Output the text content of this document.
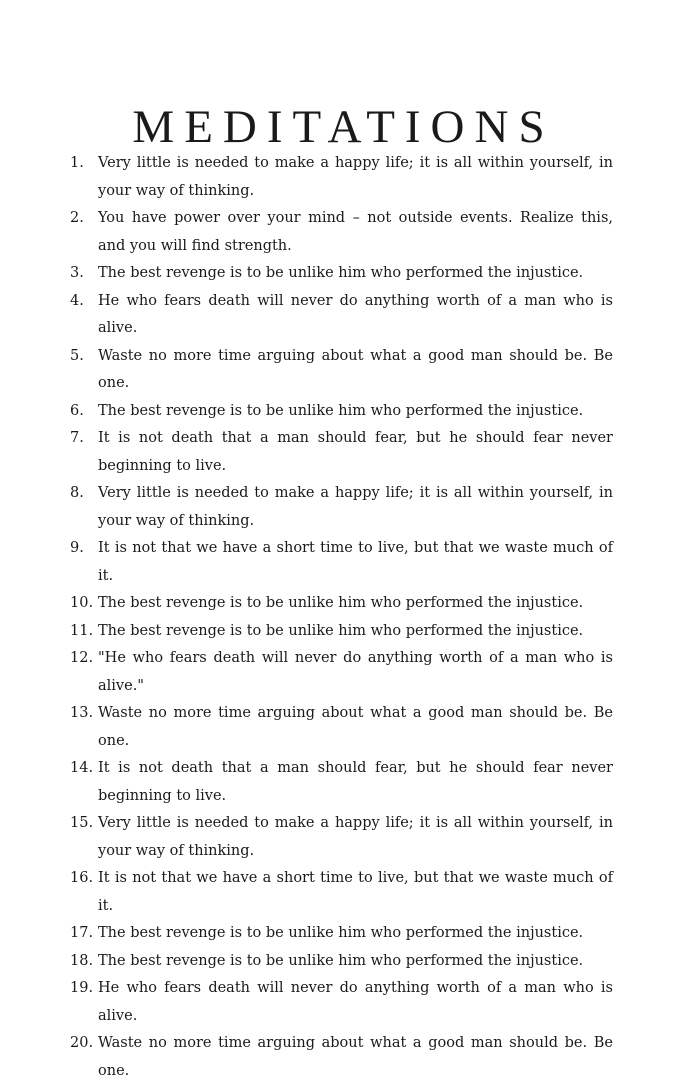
MEDITATIONS
1. Very little is needed to make a happy life; it is all within yourself, in your way of thinking.
2. You have power over your mind – not outside events. Realize this, and you will find strength.
3. The best revenge is to be unlike him who performed the injustice.
4. He who fears death will never do anything worth of a man who is alive.
5. Waste no more time arguing about what a good man should be. Be one.
6. The best revenge is to be unlike him who performed the injustice.
7. It is not death that a man should fear, but he should fear never beginning to live.
8. Very little is needed to make a happy life; it is all within yourself, in your way of thinking.
9. It is not that we have a short time to live, but that we waste much of it.
10. The best revenge is to be unlike him who performed the injustice.
11. The best revenge is to be unlike him who performed the injustice.
12. "He who fears death will never do anything worth of a man who is alive."
13. Waste no more time arguing about what a good man should be. Be one.
14. It is not death that a man should fear, but he should fear never beginning to live.
15. Very little is needed to make a happy life; it is all within yourself, in your way of thinking.
16. It is not that we have a short time to live, but that we waste much of it.
17. The best revenge is to be unlike him who performed the injustice.
18. The best revenge is to be unlike him who performed the injustice.
19. He who fears death will never do anything worth of a man who is alive.
20. Waste no more time arguing about what a good man should be. Be one.
